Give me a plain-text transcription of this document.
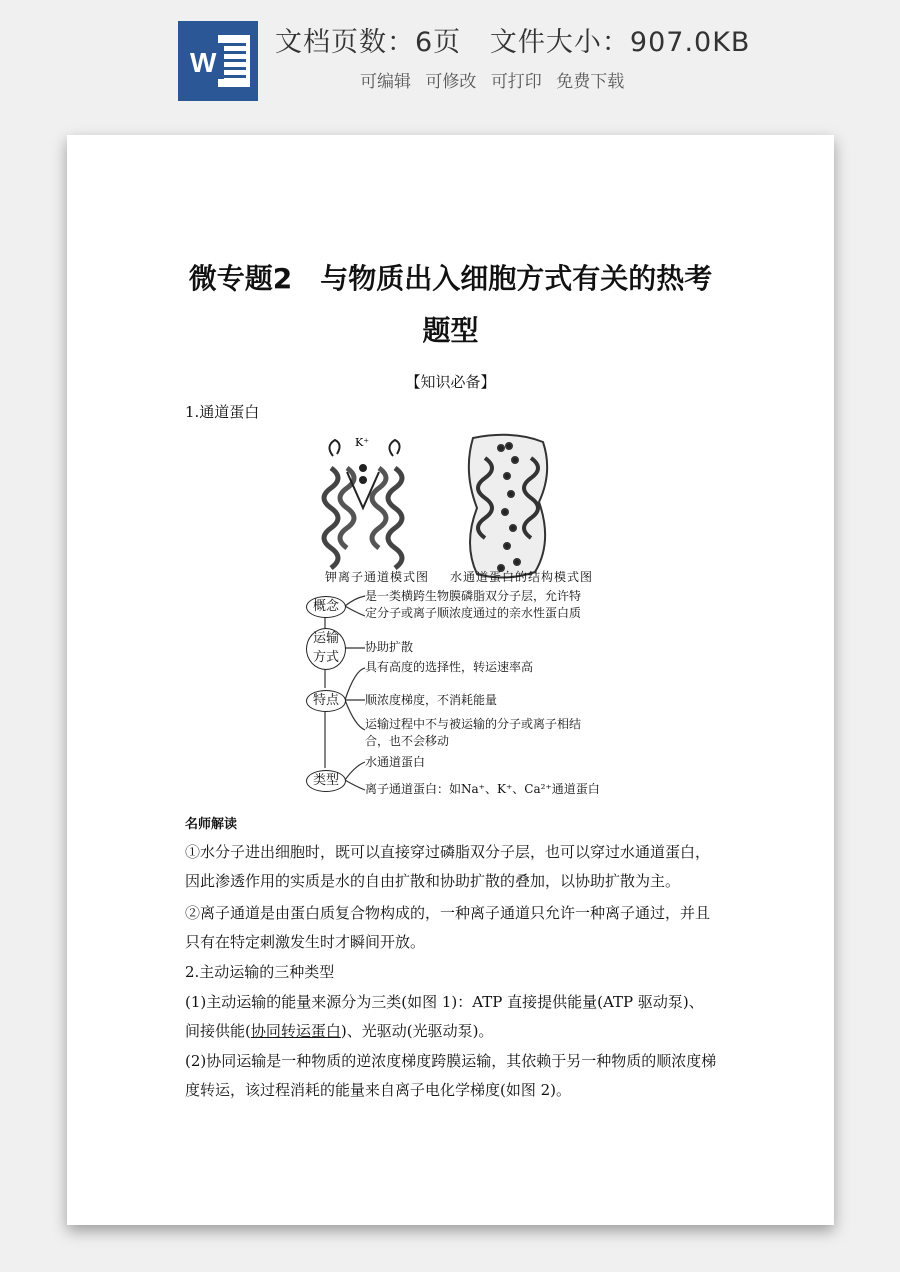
W
文档页数：6页   文件大小：907.0KB
可编辑 可修改 可打印 免费下载
微专题2　与物质出入细胞方式有关的热考
题型
【知识必备】
1.通道蛋白
K⁺
钾离子通道模式图 水通道蛋白的结构模式图
概念
运输
方式
特点
类型
是一类横跨生物膜磷脂双分子层，允许特
定分子或离子顺浓度通过的亲水性蛋白质
协助扩散
具有高度的选择性，转运速率高
顺浓度梯度，不消耗能量
运输过程中不与被运输的分子或离子相结
合，也不会移动
水通道蛋白
离子通道蛋白：如Na⁺、K⁺、Ca²⁺通道蛋白
名师解读
①水分子进出细胞时，既可以直接穿过磷脂双分子层，也可以穿过水通道蛋白，因此渗透作用的实质是水的自由扩散和协助扩散的叠加，以协助扩散为主。
②离子通道是由蛋白质复合物构成的，一种离子通道只允许一种离子通过，并且只有在特定刺激发生时才瞬间开放。
2.主动运输的三种类型
(1)主动运输的能量来源分为三类(如图 1)：ATP 直接提供能量(ATP 驱动泵)、间接供能(协同转运蛋白)、光驱动(光驱动泵)。
(2)协同运输是一种物质的逆浓度梯度跨膜运输，其依赖于另一种物质的顺浓度梯度转运，该过程消耗的能量来自离子电化学梯度(如图 2)。
